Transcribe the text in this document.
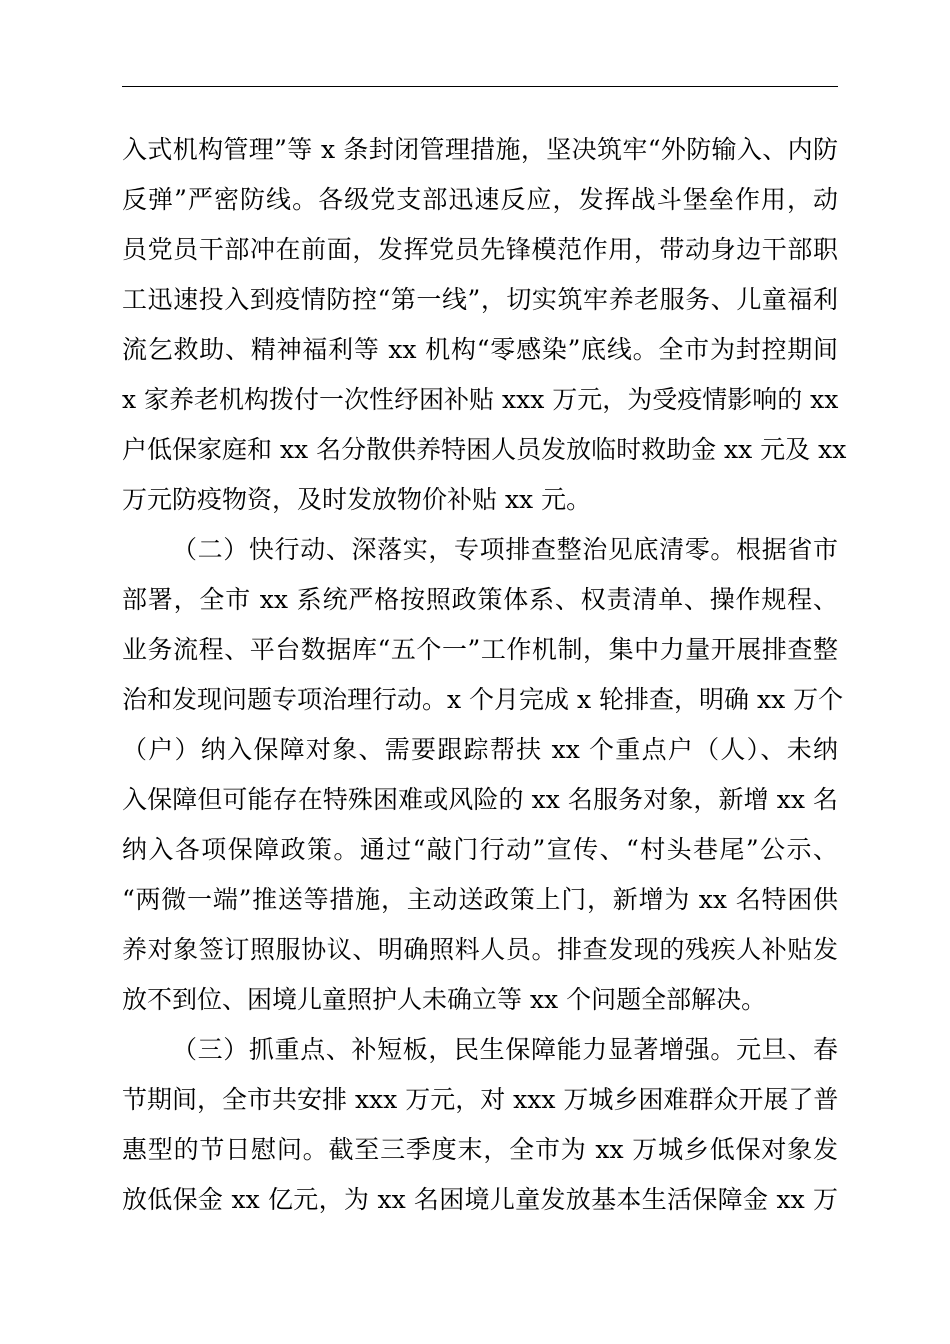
入式机构管理”等 x 条封闭管理措施，坚决筑牢“外防输入、内防
反弹”严密防线。各级党支部迅速反应，发挥战斗堡垒作用，动
员党员干部冲在前面，发挥党员先锋模范作用，带动身边干部职
工迅速投入到疫情防控“第一线”，切实筑牢养老服务、儿童福利
流乞救助、精神福利等 xx 机构“零感染”底线。全市为封控期间
x 家养老机构拨付一次性纾困补贴 xxx 万元，为受疫情影响的 xx
户低保家庭和 xx 名分散供养特困人员发放临时救助金 xx 元及 xx
万元防疫物资，及时发放物价补贴 xx 元。
（二）快行动、深落实，专项排查整治见底清零。根据省市
部署，全市 xx 系统严格按照政策体系、权责清单、操作规程、
业务流程、平台数据库“五个一”工作机制，集中力量开展排查整
治和发现问题专项治理行动。x 个月完成 x 轮排查，明确 xx 万个
（户）纳入保障对象、需要跟踪帮扶 xx 个重点户（人）、未纳
入保障但可能存在特殊困难或风险的 xx 名服务对象，新增 xx 名
纳入各项保障政策。通过“敲门行动”宣传、“村头巷尾”公示、
“两微一端”推送等措施，主动送政策上门，新增为 xx 名特困供
养对象签订照服协议、明确照料人员。排查发现的残疾人补贴发
放不到位、困境儿童照护人未确立等 xx 个问题全部解决。
（三）抓重点、补短板，民生保障能力显著增强。元旦、春
节期间，全市共安排 xxx 万元，对 xxx 万城乡困难群众开展了普
惠型的节日慰问。截至三季度末，全市为 xx 万城乡低保对象发
放低保金 xx 亿元，为 xx 名困境儿童发放基本生活保障金 xx 万
